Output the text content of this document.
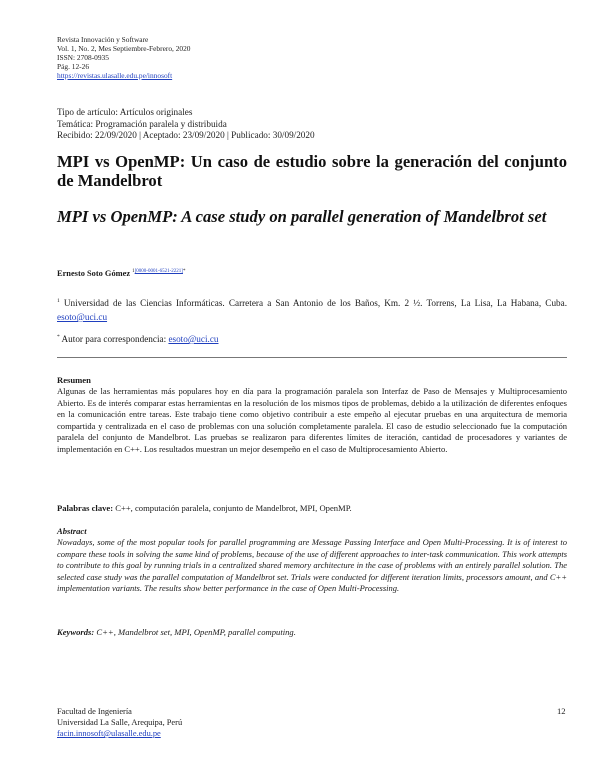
Revista Innovación y Software
Vol. 1, No. 2, Mes Septiembre-Febrero, 2020
ISSN: 2708-0935
Pág. 12-26
https://revistas.ulasalle.edu.pe/innosoft
Tipo de artículo: Artículos originales
Temática: Programación paralela y distribuida
Recibido: 22/09/2020 | Aceptado: 23/09/2020 | Publicado: 30/09/2020
MPI vs OpenMP: Un caso de estudio sobre la generación del conjunto de Mandelbrot
MPI vs OpenMP: A case study on parallel generation of Mandelbrot set
Ernesto Soto Gómez $^{1[0000-0001-6521-2221]*}$
$^1$ Universidad de las Ciencias Informáticas. Carretera a San Antonio de los Baños, Km. 2 ½. Torrens, La Lisa, La Habana, Cuba. esoto@uci.cu
* Autor para correspondencia: esoto@uci.cu
Resumen
Algunas de las herramientas más populares hoy en día para la programación paralela son Interfaz de Paso de Mensajes y Multiprocesamiento Abierto. Es de interés comparar estas herramientas en la resolución de los mismos tipos de problemas, debido a la utilización de diferentes enfoques en la comunicación entre tareas. Este trabajo tiene como objetivo contribuir a este empeño al ejecutar pruebas en una arquitectura de memoria compartida y centralizada en el caso de problemas con una solución completamente paralela. El caso de estudio seleccionado fue la computación paralela del conjunto de Mandelbrot. Las pruebas se realizaron para diferentes límites de iteración, cantidad de procesadores y variantes de implementación en C++. Los resultados muestran un mejor desempeño en el caso de Multiprocesamiento Abierto.
Palabras clave: C++, computación paralela, conjunto de Mandelbrot, MPI, OpenMP.
Abstract
Nowadays, some of the most popular tools for parallel programming are Message Passing Interface and Open Multi-Processing. It is of interest to compare these tools in solving the same kind of problems, because of the use of different approaches to inter-task communication. This work attempts to contribute to this goal by running trials in a centralized shared memory architecture in the case of problems with an entirely parallel solution. The selected case study was the parallel computation of Mandelbrot set. Trials were conducted for different iteration limits, processors amount, and C++ implementation variants. The results show better performance in the case of Open Multi-Processing.
Keywords: C++, Mandelbrot set, MPI, OpenMP, parallel computing.
Facultad de Ingeniería
Universidad La Salle, Arequipa, Perú
facin.innosoft@ulasalle.edu.pe
12
